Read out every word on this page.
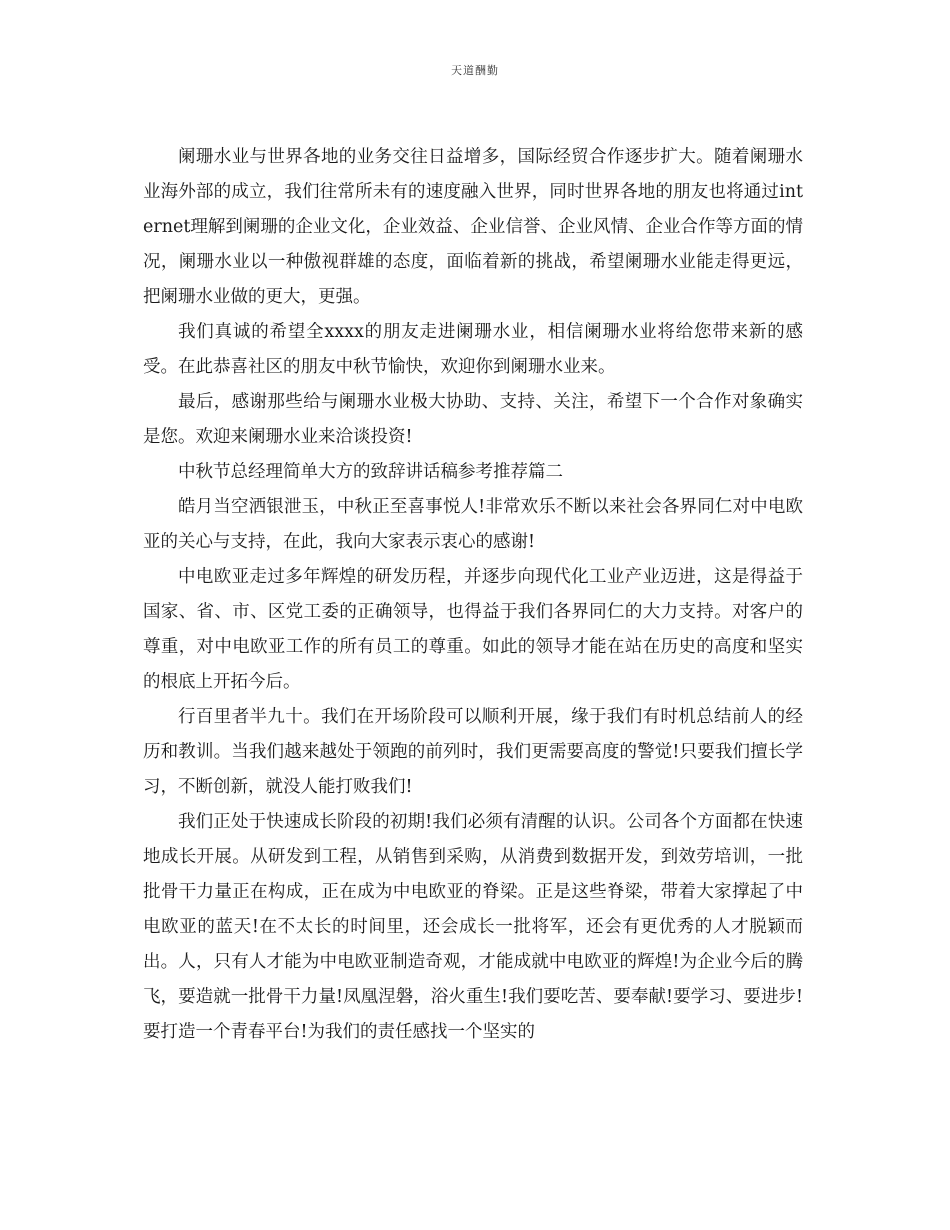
天道酬勤

阑珊水业与世界各地的业务交往日益增多，国际经贸合作逐步扩大。随着阑珊水业海外部的成立，我们往常所未有的速度融入世界，同时世界各地的朋友也将通过internet理解到阑珊的企业文化，企业效益、企业信誉、企业风情、企业合作等方面的情况，阑珊水业以一种傲视群雄的态度，面临着新的挑战，希望阑珊水业能走得更远，把阑珊水业做的更大，更强。

我们真诚的希望全xxxx的朋友走进阑珊水业，相信阑珊水业将给您带来新的感受。在此恭喜社区的朋友中秋节愉快，欢迎你到阑珊水业来。

最后，感谢那些给与阑珊水业极大协助、支持、关注，希望下一个合作对象确实是您。欢迎来阑珊水业来洽谈投资!

中秋节总经理简单大方的致辞讲话稿参考推荐篇二

皓月当空洒银泄玉，中秋正至喜事悦人!非常欢乐不断以来社会各界同仁对中电欧亚的关心与支持，在此，我向大家表示衷心的感谢!

中电欧亚走过多年辉煌的研发历程，并逐步向现代化工业产业迈进，这是得益于国家、省、市、区党工委的正确领导，也得益于我们各界同仁的大力支持。对客户的尊重，对中电欧亚工作的所有员工的尊重。如此的领导才能在站在历史的高度和坚实的根底上开拓今后。

行百里者半九十。我们在开场阶段可以顺利开展，缘于我们有时机总结前人的经历和教训。当我们越来越处于领跑的前列时，我们更需要高度的警觉!只要我们擅长学习，不断创新，就没人能打败我们!

我们正处于快速成长阶段的初期!我们必须有清醒的认识。公司各个方面都在快速地成长开展。从研发到工程，从销售到采购，从消费到数据开发，到效劳培训，一批批骨干力量正在构成，正在成为中电欧亚的脊梁。正是这些脊梁，带着大家撑起了中电欧亚的蓝天!在不太长的时间里，还会成长一批将军，还会有更优秀的人才脱颖而出。人，只有人才能为中电欧亚制造奇观，才能成就中电欧亚的辉煌!为企业今后的腾飞，要造就一批骨干力量!凤凰涅磐，浴火重生!我们要吃苦、要奉献!要学习、要进步!要打造一个青春平台!为我们的责任感找一个坚实的
